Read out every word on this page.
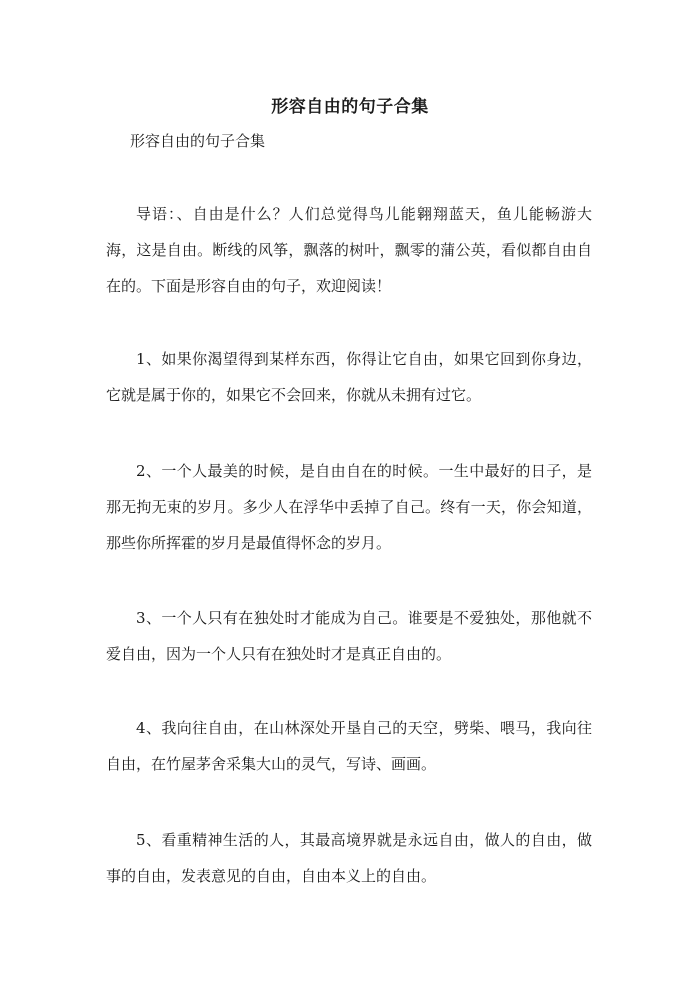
形容自由的句子合集

形容自由的句子合集

导语：、自由是什么？人们总觉得鸟儿能翱翔蓝天，鱼儿能畅游大海，这是自由。断线的风筝，飘落的树叶，飘零的蒲公英，看似都自由自在的。下面是形容自由的句子，欢迎阅读！

1、如果你渴望得到某样东西，你得让它自由，如果它回到你身边，它就是属于你的，如果它不会回来，你就从未拥有过它。

2、一个人最美的时候，是自由自在的时候。一生中最好的日子，是那无拘无束的岁月。多少人在浮华中丢掉了自己。终有一天，你会知道，那些你所挥霍的岁月是最值得怀念的岁月。

3、一个人只有在独处时才能成为自己。谁要是不爱独处，那他就不爱自由，因为一个人只有在独处时才是真正自由的。

4、我向往自由，在山林深处开垦自己的天空，劈柴、喂马，我向往自由，在竹屋茅舍采集大山的灵气，写诗、画画。

5、看重精神生活的人，其最高境界就是永远自由，做人的自由，做事的自由，发表意见的自由，自由本义上的自由。
